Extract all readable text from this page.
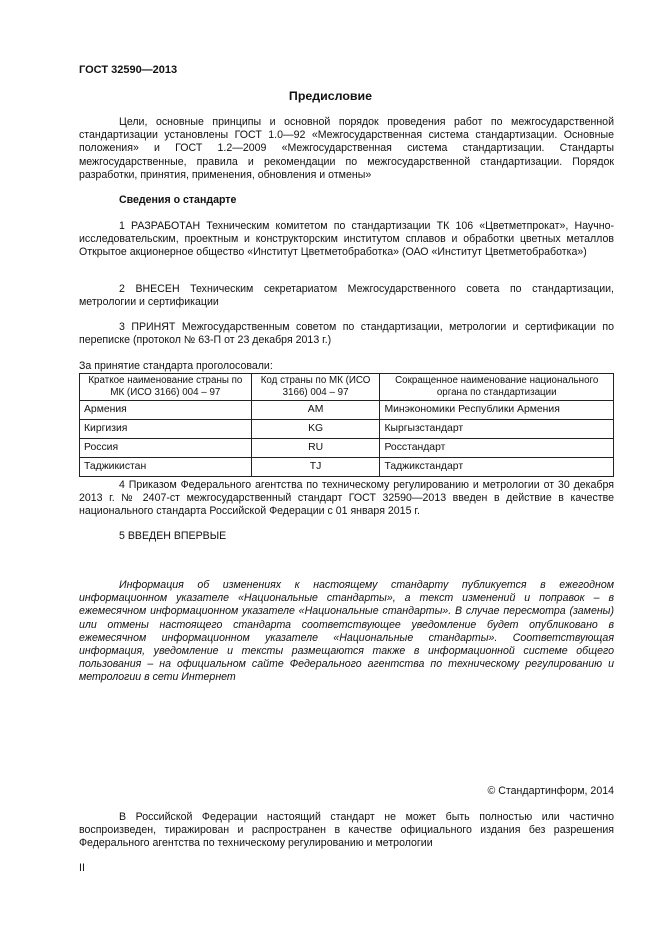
ГОСТ 32590—2013
Предисловие
Цели, основные принципы и основной порядок проведения работ по межгосударственной стандартизации установлены ГОСТ 1.0—92 «Межгосударственная система стандартизации. Основные положения» и ГОСТ 1.2—2009 «Межгосударственная система стандартизации. Стандарты межгосударственные, правила и рекомендации по межгосударственной стандартизации. Порядок разработки, принятия, применения, обновления и отмены»
Сведения о стандарте
1 РАЗРАБОТАН Техническим комитетом по стандартизации ТК 106 «Цветметпрокат», Научно-исследовательским, проектным и конструкторским институтом сплавов и обработки цветных металлов Открытое акционерное общество «Институт Цветметобработка» (ОАО «Институт Цветметобработка»)
2 ВНЕСЕН Техническим секретариатом Межгосударственного совета по стандартизации, метрологии и сертификации
3 ПРИНЯТ Межгосударственным советом по стандартизации, метрологии и сертификации по переписке (протокол № 63-П от 23 декабря 2013 г.)
За принятие стандарта проголосовали:
Краткое наименование страны по МК (ИСО 3166) 004 – 97	Код страны по МК (ИСО 3166) 004 – 97	Сокращенное наименование национального органа по стандартизации
Армения	AM	Минэкономики Республики Армения
Киргизия	KG	Кыргызстандарт
Россия	RU	Росстандарт
Таджикистан	TJ	Таджикстандарт
4 Приказом Федерального агентства по техническому регулированию и метрологии от 30 декабря 2013 г. № 2407-ст межгосударственный стандарт ГОСТ 32590—2013 введен в действие в качестве национального стандарта Российской Федерации с 01 января 2015 г.
5 ВВЕДЕН ВПЕРВЫЕ
Информация об изменениях к настоящему стандарту публикуется в ежегодном информационном указателе «Национальные стандарты», а текст изменений и поправок – в ежемесячном информационном указателе «Национальные стандарты». В случае пересмотра (замены) или отмены настоящего стандарта соответствующее уведомление будет опубликовано в ежемесячном информационном указателе «Национальные стандарты». Соответствующая информация, уведомление и тексты размещаются также в информационной системе общего пользования – на официальном сайте Федерального агентства по техническому регулированию и метрологии в сети Интернет
© Стандартинформ, 2014
В Российской Федерации настоящий стандарт не может быть полностью или частично воспроизведен, тиражирован и распространен в качестве официального издания без разрешения Федерального агентства по техническому регулированию и метрологии
II
